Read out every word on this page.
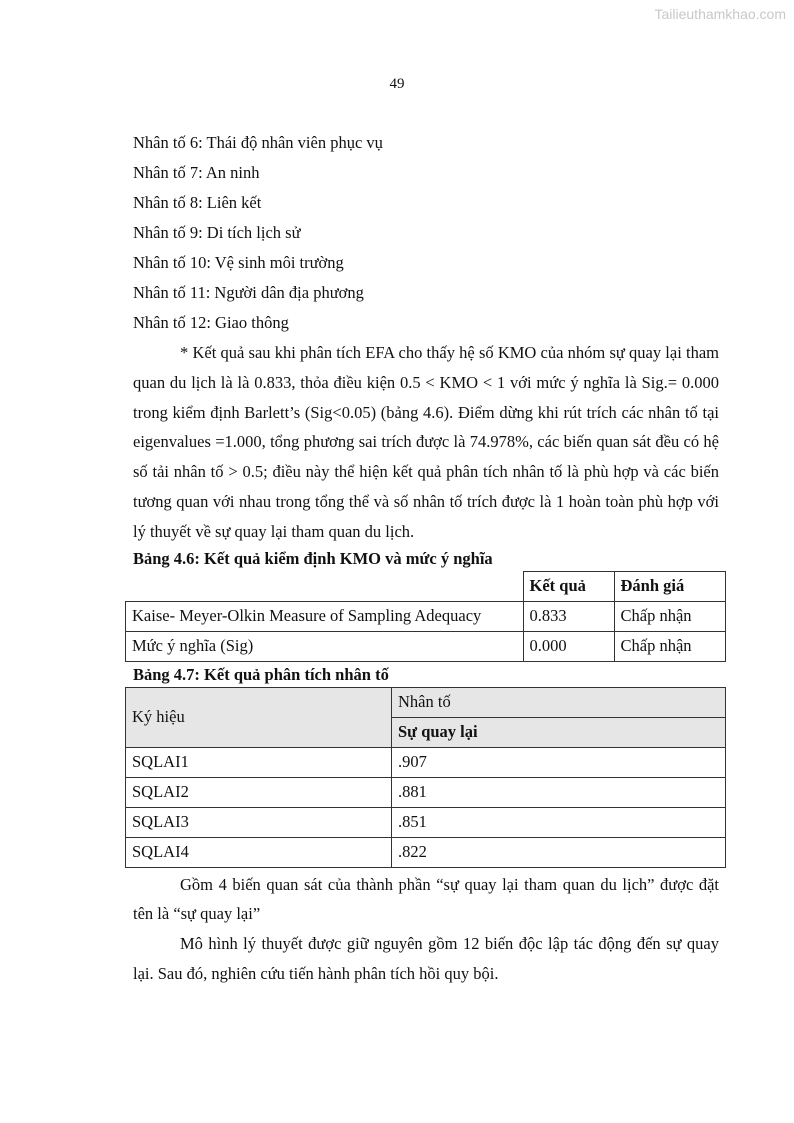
Tailieuthamkhao.com
49
Nhân tố 6: Thái độ nhân viên phục vụ
Nhân tố 7: An ninh
Nhân tố 8: Liên kết
Nhân tố 9: Di tích lịch sử
Nhân tố 10: Vệ sinh môi trường
Nhân tố 11: Người dân địa phương
Nhân tố 12: Giao thông

* Kết quả sau khi phân tích EFA cho thấy hệ số KMO của nhóm sự quay lại tham quan du lịch là là 0.833, thỏa điều kiện 0.5 < KMO < 1 với mức ý nghĩa là Sig.= 0.000 trong kiểm định Barlett’s (Sig<0.05) (bảng 4.6). Điểm dừng khi rút trích các nhân tố tại eigenvalues =1.000, tổng phương sai trích được là 74.978%, các biến quan sát đều có hệ số tải nhân tố > 0.5; điều này thể hiện kết quả phân tích nhân tố là phù hợp và các biến tương quan với nhau trong tổng thể và số nhân tố trích được là 1 hoàn toàn phù hợp với lý thuyết về sự quay lại tham quan du lịch.

Bảng 4.6: Kết quả kiểm định KMO và mức ý nghĩa

	Kết quả	Đánh giá
Kaise- Meyer-Olkin Measure of Sampling Adequacy	0.833	Chấp nhận
Mức ý nghĩa (Sig)	0.000	Chấp nhận

Bảng 4.7: Kết quả phân tích nhân tố

Ký hiệu	Nhân tố
	Sự quay lại
SQLAI1	.907
SQLAI2	.881
SQLAI3	.851
SQLAI4	.822

Gồm 4 biến quan sát của thành phần “sự quay lại tham quan du lịch” được đặt tên là “sự quay lại”

Mô hình lý thuyết được giữ nguyên gồm 12 biến độc lập tác động đến sự quay lại. Sau đó, nghiên cứu tiến hành phân tích hồi quy bội.
